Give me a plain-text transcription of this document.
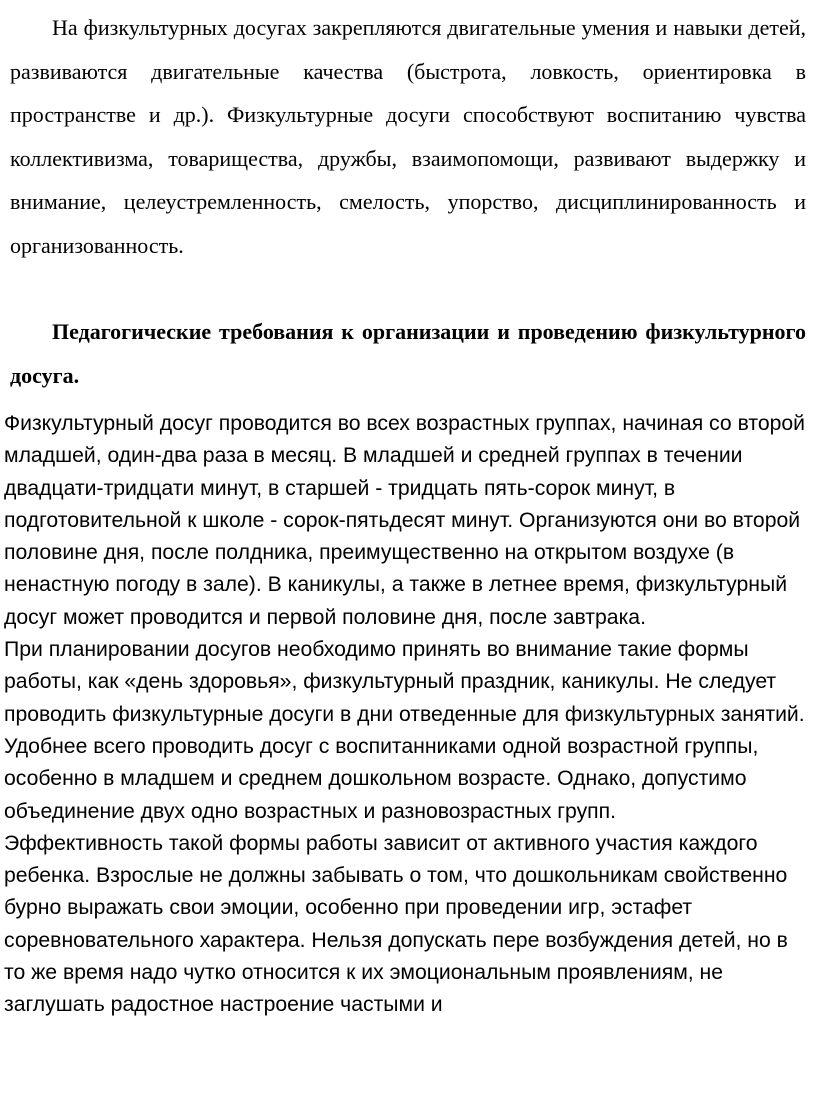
На физкультурных досугах закрепляются двигательные умения и навыки детей, развиваются двигательные качества (быстрота, ловкость, ориентировка в пространстве и др.). Физкультурные досуги способствуют воспитанию чувства коллективизма, товарищества, дружбы, взаимопомощи, развивают выдержку и внимание, целеустремленность, смелость, упорство, дисциплинированность и организованность.

Педагогические требования к организации и проведению физкультурного досуга.

Физкультурный досуг проводится во всех возрастных группах, начиная со второй младшей, один-два раза в месяц. В младшей и средней группах в течении двадцати-тридцати минут, в старшей - тридцать пять-сорок минут, в подготовительной к школе - сорок-пятьдесят минут. Организуются они во второй половине дня, после полдника, преимущественно на открытом воздухе (в ненастную погоду в зале). В каникулы, а также в летнее время, физкультурный досуг может проводится и первой половине дня, после завтрака.

При планировании досугов необходимо принять во внимание такие формы работы, как «день здоровья», физкультурный праздник, каникулы. Не следует проводить физкультурные досуги в дни отведенные для физкультурных занятий. Удобнее всего проводить досуг с воспитанниками одной возрастной группы, особенно в младшем и среднем дошкольном возрасте. Однако, допустимо объединение двух одно возрастных и разновозрастных групп.

Эффективность такой формы работы зависит от активного участия каждого ребенка. Взрослые не должны забывать о том, что дошкольникам свойственно бурно выражать свои эмоции, особенно при проведении игр, эстафет соревновательного характера. Нельзя допускать пере возбуждения детей, но в то же время надо чутко относится к их эмоциональным проявлениям, не заглушать радостное настроение частыми и
